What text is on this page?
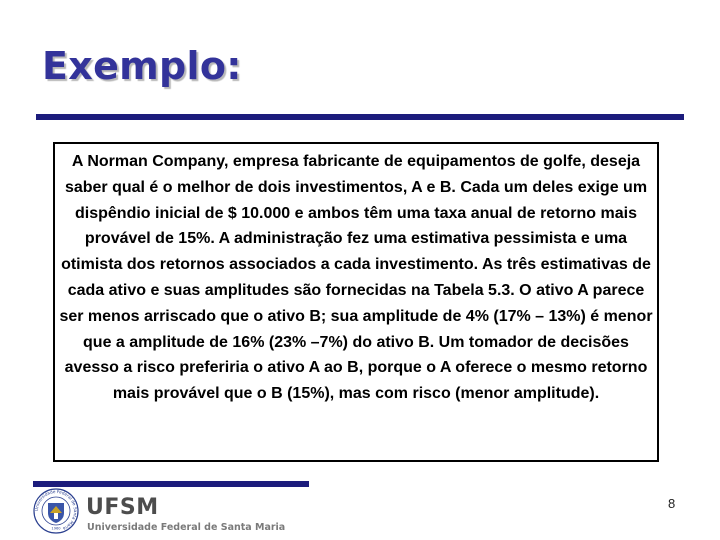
Exemplo:

A Norman Company, empresa fabricante de equipamentos de golfe, deseja saber qual é o melhor de dois investimentos, A e B. Cada um deles exige um dispêndio inicial de $ 10.000 e ambos têm uma taxa anual de retorno mais provável de 15%. A administração fez uma estimativa pessimista e uma otimista dos retornos associados a cada investimento. As três estimativas de cada ativo e suas amplitudes são fornecidas na Tabela 5.3. O ativo A parece ser menos arriscado que o ativo B; sua amplitude de 4% (17% – 13%) é menor que a amplitude de 16% (23% –7%) do ativo B. Um tomador de decisões avesso a risco preferiria o ativo A ao B, porque o A oferece o mesmo retorno mais provável que o B (15%), mas com risco (menor amplitude).

Universidade Federal de Santa Maria
1960
UFSM
Universidade Federal de Santa Maria
8
